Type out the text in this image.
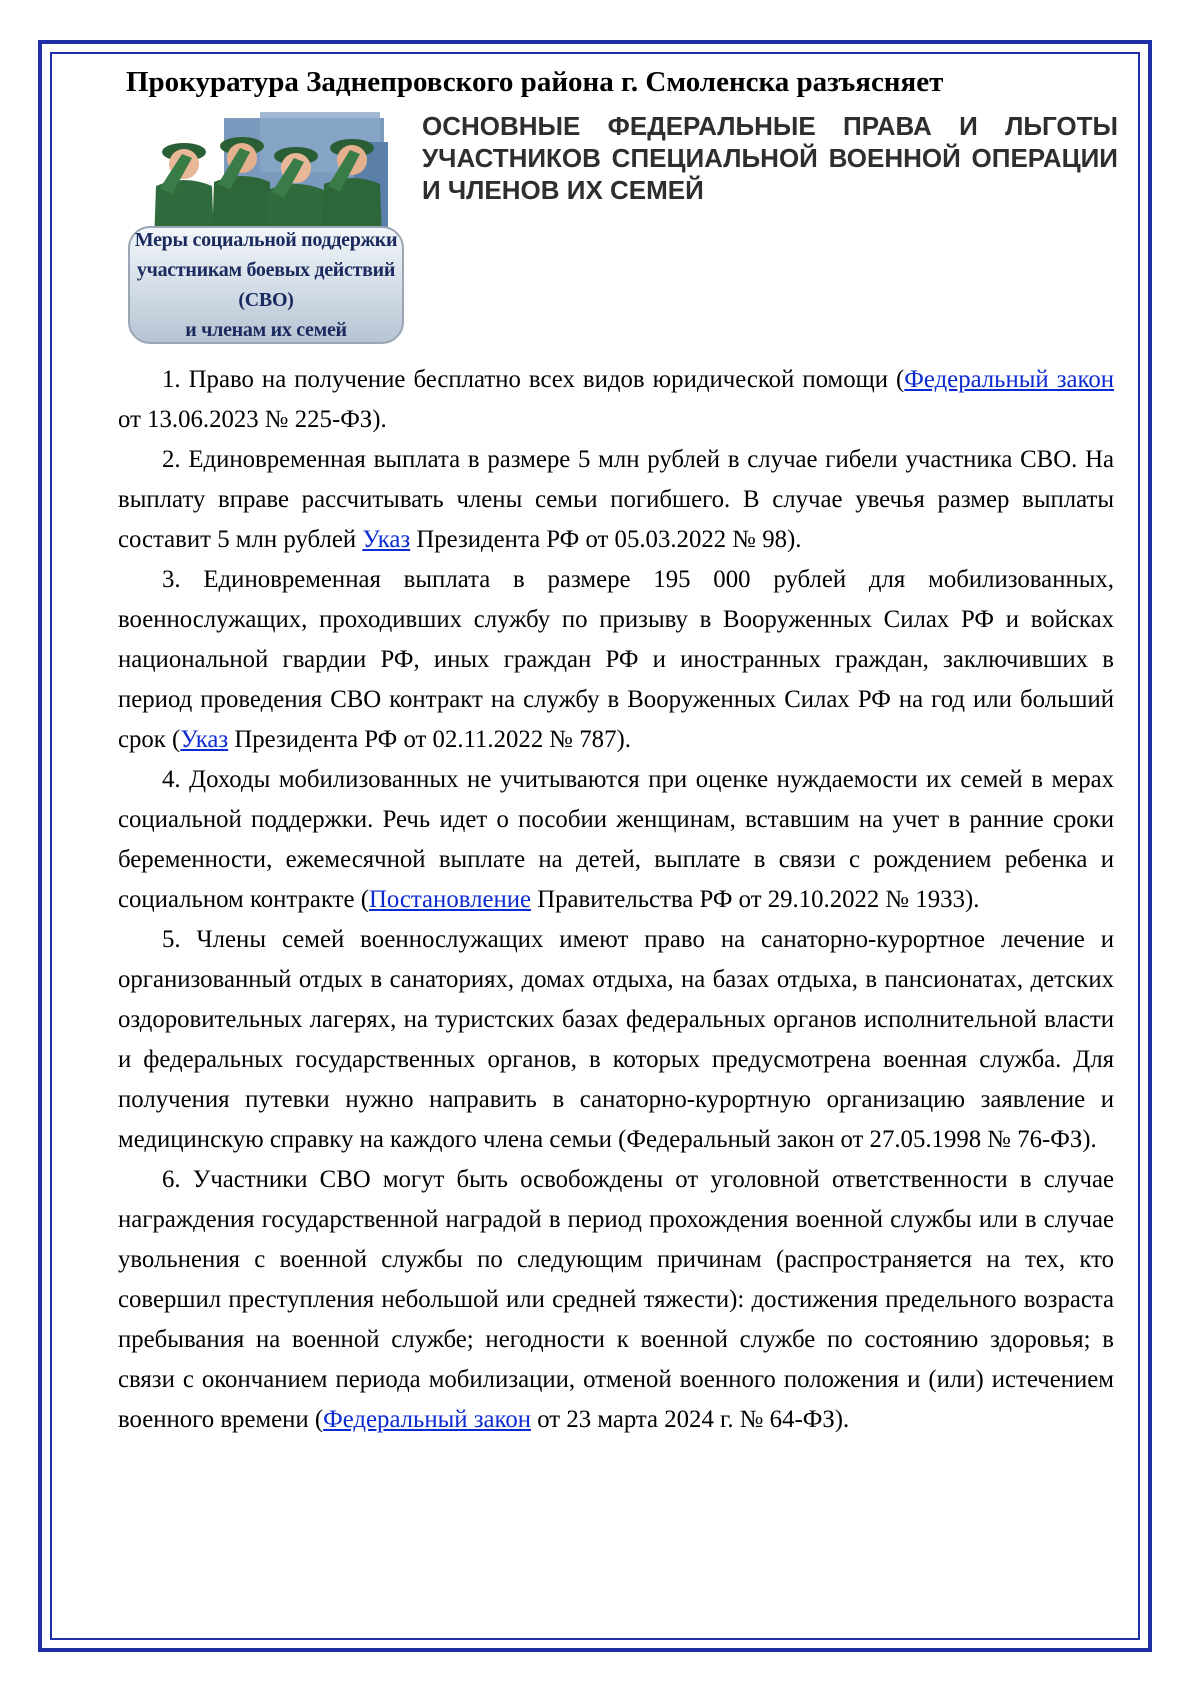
Прокуратура Заднепровского района г. Смоленска разъясняет
ОСНОВНЫЕ ФЕДЕРАЛЬНЫЕ ПРАВА И ЛЬГОТЫ УЧАСТНИКОВ СПЕЦИАЛЬНОЙ ВОЕННОЙ ОПЕРАЦИИ И ЧЛЕНОВ ИХ СЕМЕЙ
Меры социальной поддержки
участникам боевых действий (СВО)
и членам их семей

1. Право на получение бесплатно всех видов юридической помощи (Федеральный закон от 13.06.2023 № 225-ФЗ).

2. Единовременная выплата в размере 5 млн рублей в случае гибели участника СВО. На выплату вправе рассчитывать члены семьи погибшего. В случае увечья размер выплаты составит 5 млн рублей Указ Президента РФ от 05.03.2022 № 98).

3. Единовременная выплата в размере 195 000 рублей для мобилизованных, военнослужащих, проходивших службу по призыву в Вооруженных Силах РФ и войсках национальной гвардии РФ, иных граждан РФ и иностранных граждан, заключивших в период проведения СВО контракт на службу в Вооруженных Силах РФ на год или больший срок (Указ Президента РФ от 02.11.2022 № 787).

4. Доходы мобилизованных не учитываются при оценке нуждаемости их семей в мерах социальной поддержки. Речь идет о пособии женщинам, вставшим на учет в ранние сроки беременности, ежемесячной выплате на детей, выплате в связи с рождением ребенка и социальном контракте (Постановление Правительства РФ от 29.10.2022 № 1933).

5. Члены семей военнослужащих имеют право на санаторно-курортное лечение и организованный отдых в санаториях, домах отдыха, на базах отдыха, в пансионатах, детских оздоровительных лагерях, на туристских базах федеральных органов исполнительной власти и федеральных государственных органов, в которых предусмотрена военная служба. Для получения путевки нужно направить в санаторно-курортную организацию заявление и медицинскую справку на каждого члена семьи (Федеральный закон от 27.05.1998 № 76-ФЗ).

6. Участники СВО могут быть освобождены от уголовной ответственности в случае награждения государственной наградой в период прохождения военной службы или в случае увольнения с военной службы по следующим причинам (распространяется на тех, кто совершил преступления небольшой или средней тяжести): достижения предельного возраста пребывания на военной службе; негодности к военной службе по состоянию здоровья; в связи с окончанием периода мобилизации, отменой военного положения и (или) истечением военного времени (Федеральный закон от 23 марта 2024 г. № 64-ФЗ).
